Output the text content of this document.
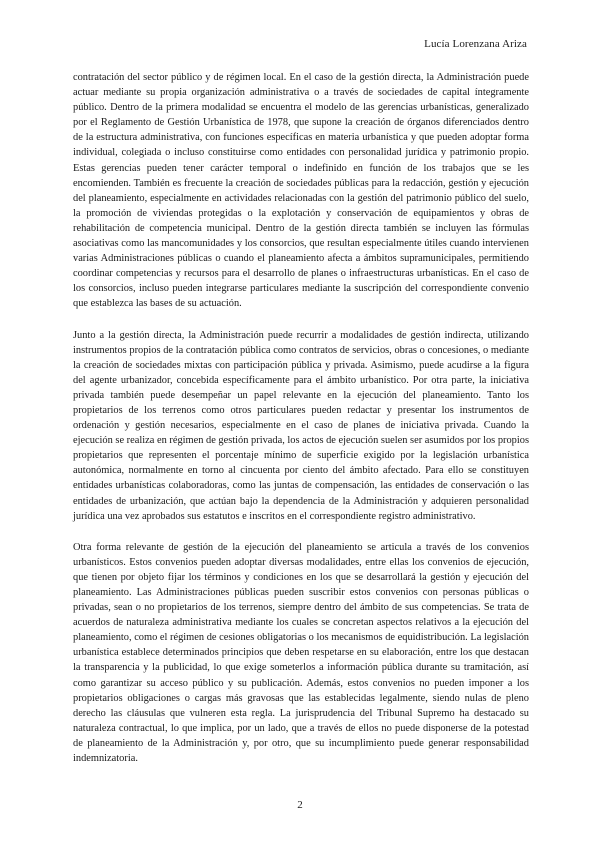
Lucía Lorenzana Ariza

contratación del sector público y de régimen local. En el caso de la gestión directa, la Administración puede actuar mediante su propia organización administrativa o a través de sociedades de capital íntegramente público. Dentro de la primera modalidad se encuentra el modelo de las gerencias urbanísticas, generalizado por el Reglamento de Gestión Urbanística de 1978, que supone la creación de órganos diferenciados dentro de la estructura administrativa, con funciones específicas en materia urbanística y que pueden adoptar forma individual, colegiada o incluso constituirse como entidades con personalidad jurídica y patrimonio propio. Estas gerencias pueden tener carácter temporal o indefinido en función de los trabajos que se les encomienden. También es frecuente la creación de sociedades públicas para la redacción, gestión y ejecución del planeamiento, especialmente en actividades relacionadas con la gestión del patrimonio público del suelo, la promoción de viviendas protegidas o la explotación y conservación de equipamientos y obras de rehabilitación de competencia municipal. Dentro de la gestión directa también se incluyen las fórmulas asociativas como las mancomunidades y los consorcios, que resultan especialmente útiles cuando intervienen varias Administraciones públicas o cuando el planeamiento afecta a ámbitos supramunicipales, permitiendo coordinar competencias y recursos para el desarrollo de planes o infraestructuras urbanísticas. En el caso de los consorcios, incluso pueden integrarse particulares mediante la suscripción del correspondiente convenio que establezca las bases de su actuación.

Junto a la gestión directa, la Administración puede recurrir a modalidades de gestión indirecta, utilizando instrumentos propios de la contratación pública como contratos de servicios, obras o concesiones, o mediante la creación de sociedades mixtas con participación pública y privada. Asimismo, puede acudirse a la figura del agente urbanizador, concebida específicamente para el ámbito urbanístico. Por otra parte, la iniciativa privada también puede desempeñar un papel relevante en la ejecución del planeamiento. Tanto los propietarios de los terrenos como otros particulares pueden redactar y presentar los instrumentos de ordenación y gestión necesarios, especialmente en el caso de planes de iniciativa privada. Cuando la ejecución se realiza en régimen de gestión privada, los actos de ejecución suelen ser asumidos por los propios propietarios que representen el porcentaje mínimo de superficie exigido por la legislación urbanística autonómica, normalmente en torno al cincuenta por ciento del ámbito afectado. Para ello se constituyen entidades urbanísticas colaboradoras, como las juntas de compensación, las entidades de conservación o las entidades de urbanización, que actúan bajo la dependencia de la Administración y adquieren personalidad jurídica una vez aprobados sus estatutos e inscritos en el correspondiente registro administrativo.

Otra forma relevante de gestión de la ejecución del planeamiento se articula a través de los convenios urbanísticos. Estos convenios pueden adoptar diversas modalidades, entre ellas los convenios de ejecución, que tienen por objeto fijar los términos y condiciones en los que se desarrollará la gestión y ejecución del planeamiento. Las Administraciones públicas pueden suscribir estos convenios con personas públicas o privadas, sean o no propietarios de los terrenos, siempre dentro del ámbito de sus competencias. Se trata de acuerdos de naturaleza administrativa mediante los cuales se concretan aspectos relativos a la ejecución del planeamiento, como el régimen de cesiones obligatorias o los mecanismos de equidistribución. La legislación urbanística establece determinados principios que deben respetarse en su elaboración, entre los que destacan la transparencia y la publicidad, lo que exige someterlos a información pública durante su tramitación, así como garantizar su acceso público y su publicación. Además, estos convenios no pueden imponer a los propietarios obligaciones o cargas más gravosas que las establecidas legalmente, siendo nulas de pleno derecho las cláusulas que vulneren esta regla. La jurisprudencia del Tribunal Supremo ha destacado su naturaleza contractual, lo que implica, por un lado, que a través de ellos no puede disponerse de la potestad de planeamiento de la Administración y, por otro, que su incumplimiento puede generar responsabilidad indemnizatoria.

2
